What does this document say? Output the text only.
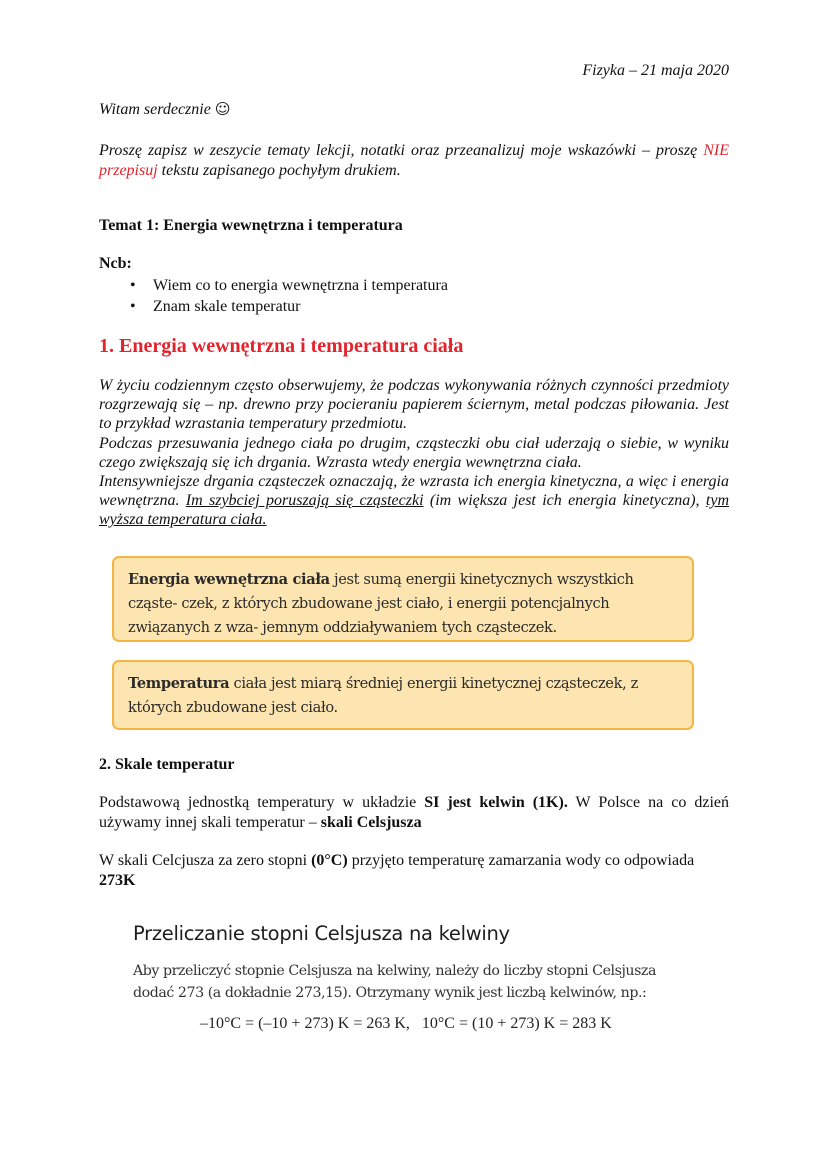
Fizyka – 21 maja 2020
Witam serdecznie ☺
Proszę zapisz w zeszycie tematy lekcji, notatki oraz przeanalizuj moje wskazówki – proszę NIE przepisuj tekstu zapisanego pochyłym drukiem.
Temat 1: Energia wewnętrzna i temperatura
Ncb:
• Wiem co to energia wewnętrzna i temperatura
• Znam skale temperatur
1. Energia wewnętrzna i temperatura ciała

W życiu codziennym często obserwujemy, że podczas wykonywania różnych czynności przedmioty rozgrzewają się – np. drewno przy pocieraniu papierem ściernym, metal podczas piłowania. Jest to przykład wzrastania temperatury przedmiotu.

Podczas przesuwania jednego ciała po drugim, cząsteczki obu ciał uderzają o siebie, w wyniku czego zwiększają się ich drgania. Wzrasta wtedy energia wewnętrzna ciała.

Intensywniejsze drgania cząsteczek oznaczają, że wzrasta ich energia kinetyczna, a więc i energia wewnętrzna. Im szybciej poruszają się cząsteczki (im większa jest ich energia kinetyczna), tym wyższa temperatura ciała.

Energia wewnętrzna ciała jest sumą energii kinetycznych wszystkich cząste- czek, z których zbudowane jest ciało, i energii potencjalnych związanych z wza- jemnym oddziaływaniem tych cząsteczek.
Temperatura ciała jest miarą średniej energii kinetycznej cząsteczek, z których zbudowane jest ciało.
2. Skale temperatur
Podstawową jednostką temperatury w układzie SI jest kelwin (1K). W Polsce na co dzień używamy innej skali temperatur – skali Celsjusza
W skali Celcjusza za zero stopni (0°C) przyjęto temperaturę zamarzania wody co odpowiada
273K
Przeliczanie stopni Celsjusza na kelwiny
Aby przeliczyć stopnie Celsjusza na kelwiny, należy do liczby stopni Celsjusza dodać 273 (a dokładnie 273,15). Otrzymany wynik jest liczbą kelwinów, np.:
–10°C = (–10 + 273) K = 263 K,   10°C = (10 + 273) K = 283 K
